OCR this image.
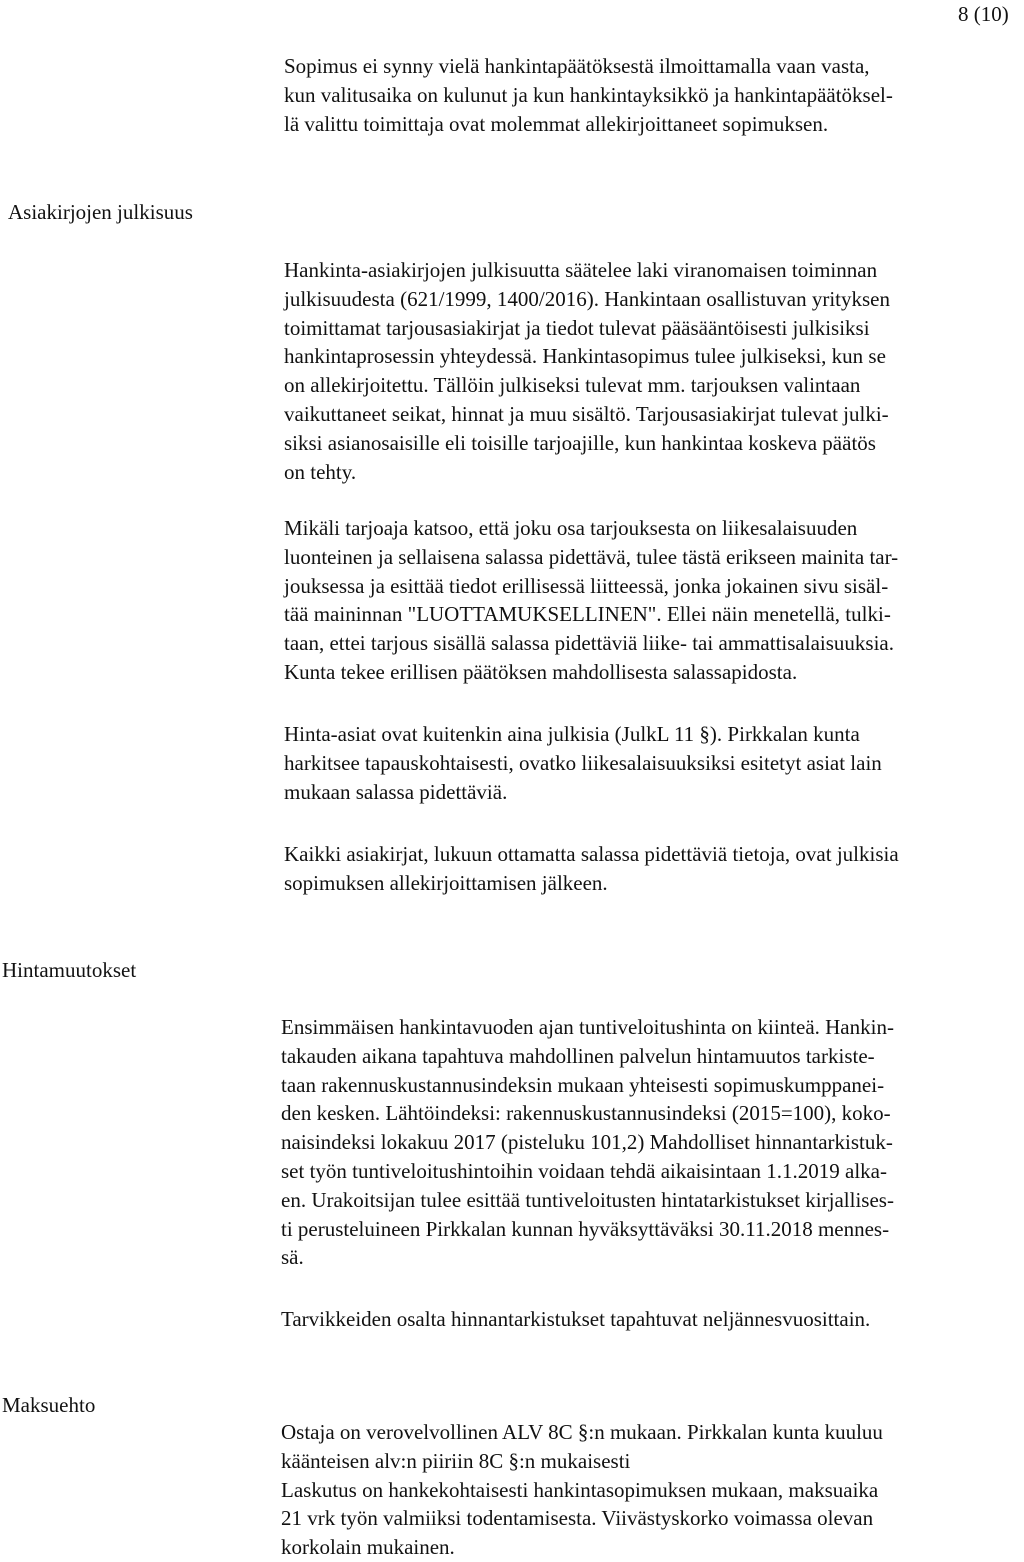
8 (10)
Sopimus ei synny vielä hankintapäätöksestä ilmoittamalla vaan vasta,
kun valitusaika on kulunut ja kun hankintayksikkö ja hankintapäätöksel-
lä valittu toimittaja ovat molemmat allekirjoittaneet sopimuksen.
Asiakirjojen julkisuus
Hankinta-asiakirjojen julkisuutta säätelee laki viranomaisen toiminnan
julkisuudesta (621/1999, 1400/2016). Hankintaan osallistuvan yrityksen
toimittamat tarjousasiakirjat ja tiedot tulevat pääsääntöisesti julkisiksi
hankintaprosessin yhteydessä. Hankintasopimus tulee julkiseksi, kun se
on allekirjoitettu. Tällöin julkiseksi tulevat mm. tarjouksen valintaan
vaikuttaneet seikat, hinnat ja muu sisältö. Tarjousasiakirjat tulevat julki-
siksi asianosaisille eli toisille tarjoajille, kun hankintaa koskeva päätös
on tehty.
Mikäli tarjoaja katsoo, että joku osa tarjouksesta on liikesalaisuuden
luonteinen ja sellaisena salassa pidettävä, tulee tästä erikseen mainita tar-
jouksessa ja esittää tiedot erillisessä liitteessä, jonka jokainen sivu sisäl-
tää maininnan "LUOTTAMUKSELLINEN". Ellei näin menetellä, tulki-
taan, ettei tarjous sisällä salassa pidettäviä liike- tai ammattisalaisuuksia.
Kunta tekee erillisen päätöksen mahdollisesta salassapidosta.
Hinta-asiat ovat kuitenkin aina julkisia (JulkL 11 §). Pirkkalan kunta
harkitsee tapauskohtaisesti, ovatko liikesalaisuuksiksi esitetyt asiat lain
mukaan salassa pidettäviä.
Kaikki asiakirjat, lukuun ottamatta salassa pidettäviä tietoja, ovat julkisia
sopimuksen allekirjoittamisen jälkeen.
Hintamuutokset
Ensimmäisen hankintavuoden ajan tuntiveloitushinta on kiinteä. Hankin-
takauden aikana tapahtuva mahdollinen palvelun hintamuutos tarkiste-
taan rakennuskustannusindeksin mukaan yhteisesti sopimuskumppanei-
den kesken. Lähtöindeksi: rakennuskustannusindeksi (2015=100), koko-
naisindeksi lokakuu 2017 (pisteluku 101,2) Mahdolliset hinnantarkistuk-
set työn tuntiveloitushintoihin voidaan tehdä aikaisintaan 1.1.2019 alka-
en. Urakoitsijan tulee esittää tuntiveloitusten hintatarkistukset kirjallises-
ti perusteluineen Pirkkalan kunnan hyväksyttäväksi 30.11.2018 mennes-
sä.
Tarvikkeiden osalta hinnantarkistukset tapahtuvat neljännesvuosittain.
Maksuehto
Ostaja on verovelvollinen ALV 8C §:n mukaan. Pirkkalan kunta kuuluu
käänteisen alv:n piiriin 8C §:n mukaisesti
Laskutus on hankekohtaisesti hankintasopimuksen mukaan, maksuaika
21 vrk työn valmiiksi todentamisesta. Viivästyskorko voimassa olevan
korkolain mukainen.
